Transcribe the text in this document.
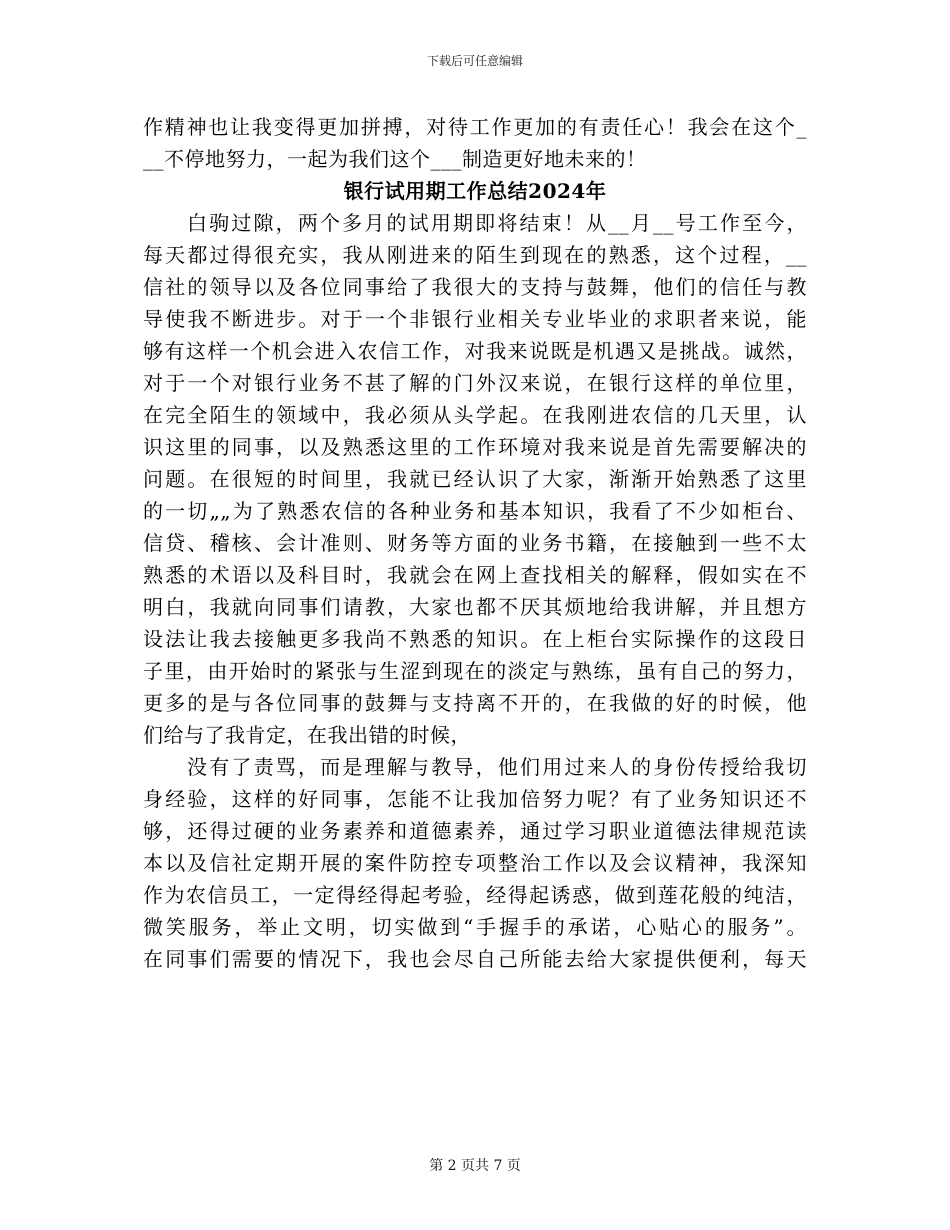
下载后可任意编辑
作精神也让我变得更加拼搏，对待工作更加的有责任心！我会在这个_
__不停地努力，一起为我们这个___制造更好地未来的！
银行试用期工作总结2024年
白驹过隙，两个多月的试用期即将结束！从__月__号工作至今，
每天都过得很充实，我从刚进来的陌生到现在的熟悉，这个过程，__
信社的领导以及各位同事给了我很大的支持与鼓舞，他们的信任与教
导使我不断进步。对于一个非银行业相关专业毕业的求职者来说，能
够有这样一个机会进入农信工作，对我来说既是机遇又是挑战。诚然，
对于一个对银行业务不甚了解的门外汉来说，在银行这样的单位里，
在完全陌生的领域中，我必须从头学起。在我刚进农信的几天里，认
识这里的同事，以及熟悉这里的工作环境对我来说是首先需要解决的
问题。在很短的时间里，我就已经认识了大家，渐渐开始熟悉了这里
的一切„„为了熟悉农信的各种业务和基本知识，我看了不少如柜台、
信贷、稽核、会计准则、财务等方面的业务书籍，在接触到一些不太
熟悉的术语以及科目时，我就会在网上查找相关的解释，假如实在不
明白，我就向同事们请教，大家也都不厌其烦地给我讲解，并且想方
设法让我去接触更多我尚不熟悉的知识。在上柜台实际操作的这段日
子里，由开始时的紧张与生涩到现在的淡定与熟练，虽有自己的努力，
更多的是与各位同事的鼓舞与支持离不开的，在我做的好的时候，他
们给与了我肯定，在我出错的时候，
没有了责骂，而是理解与教导，他们用过来人的身份传授给我切
身经验，这样的好同事，怎能不让我加倍努力呢？有了业务知识还不
够，还得过硬的业务素养和道德素养，通过学习职业道德法律规范读
本以及信社定期开展的案件防控专项整治工作以及会议精神，我深知
作为农信员工，一定得经得起考验，经得起诱惑，做到莲花般的纯洁，
微笑服务，举止文明，切实做到“手握手的承诺，心贴心的服务”。
在同事们需要的情况下，我也会尽自己所能去给大家提供便利，每天
第 2 页共 7 页
